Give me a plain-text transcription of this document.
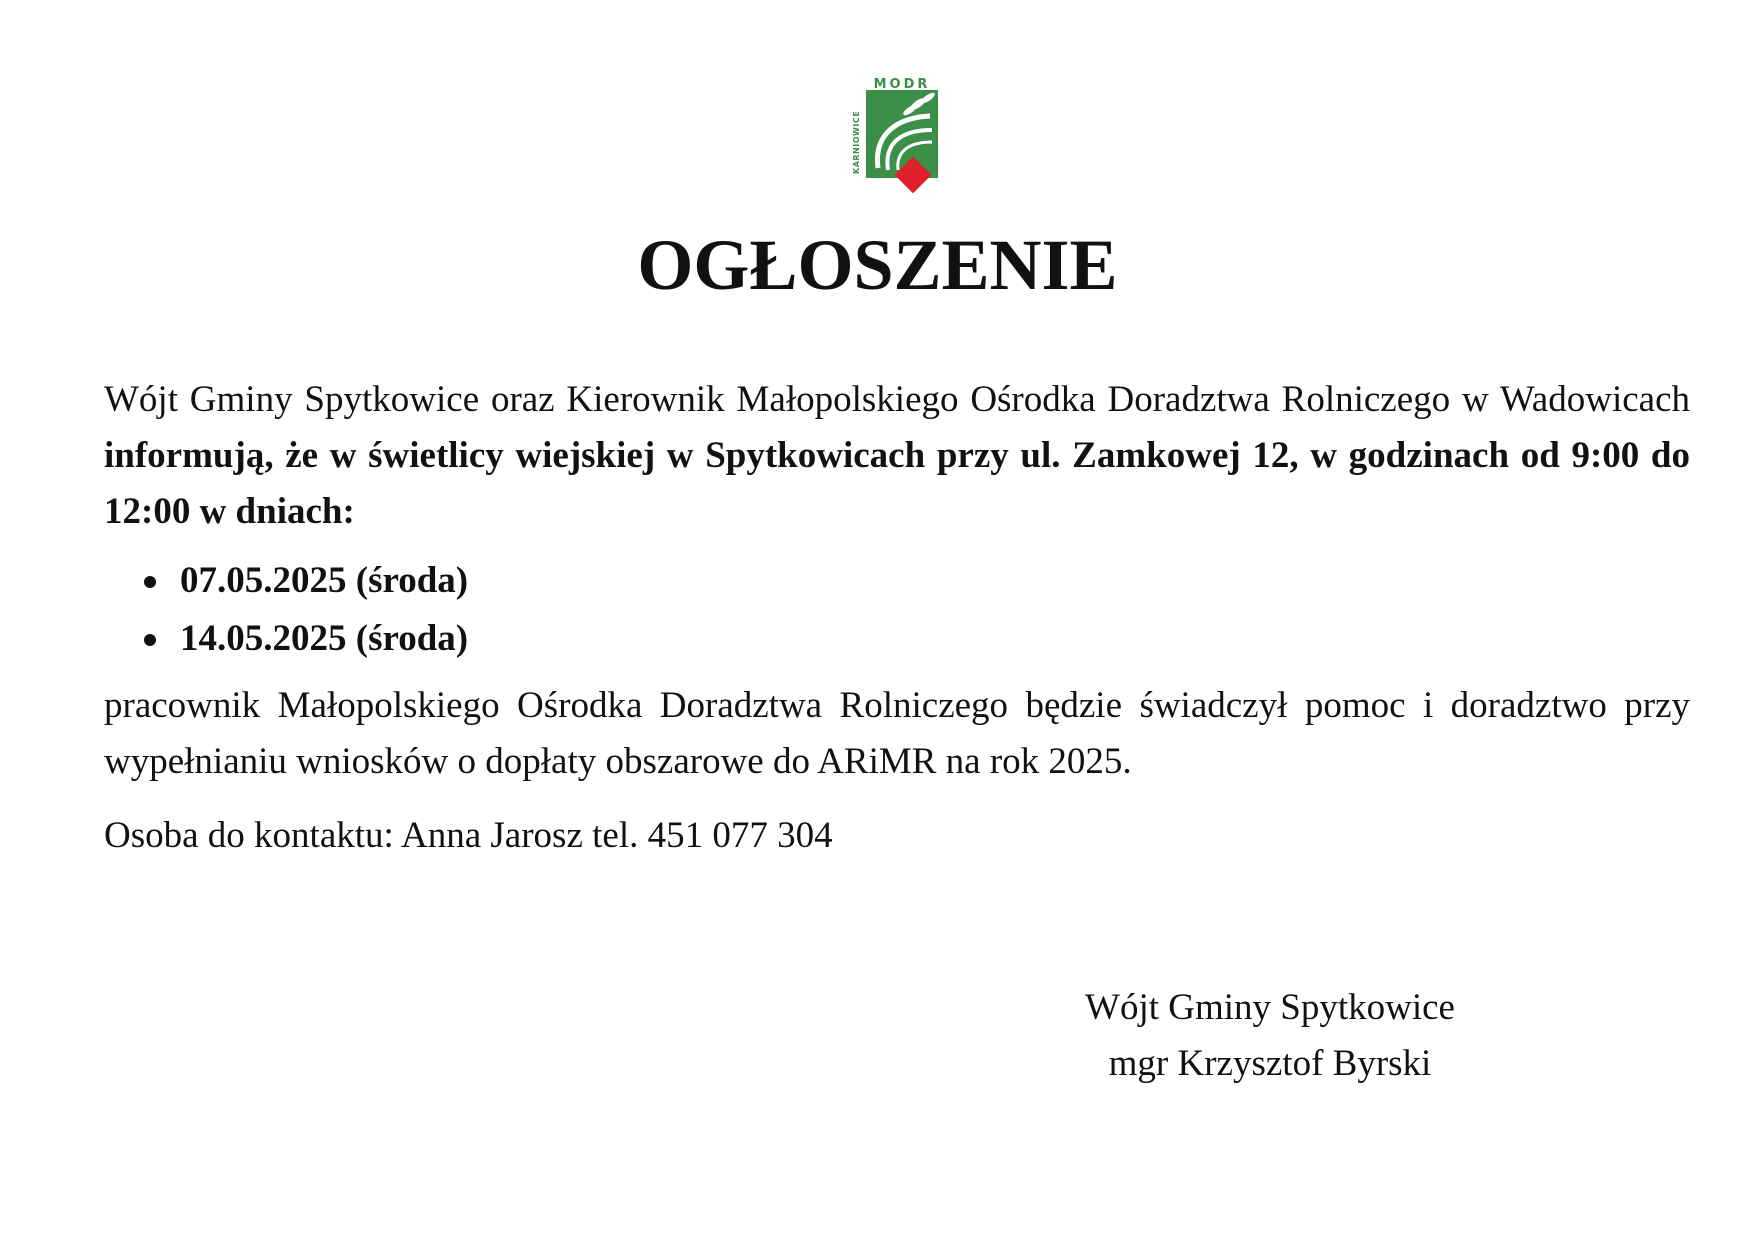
MODR
KARNIOWICE
OGŁOSZENIE

Wójt Gminy Spytkowice oraz Kierownik Małopolskiego Ośrodka Doradztwa Rolniczego w Wadowicach informują, że w świetlicy wiejskiej w Spytkowicach przy ul. Zamkowej 12, w godzinach od 9:00 do 12:00 w dniach:

07.05.2025 (środa)
14.05.2025 (środa)

pracownik Małopolskiego Ośrodka Doradztwa Rolniczego będzie świadczył pomoc i doradztwo przy wypełnianiu wniosków o dopłaty obszarowe do ARiMR na rok 2025.

Osoba do kontaktu: Anna Jarosz tel. 451 077 304

Wójt Gminy Spytkowice
mgr Krzysztof Byrski
